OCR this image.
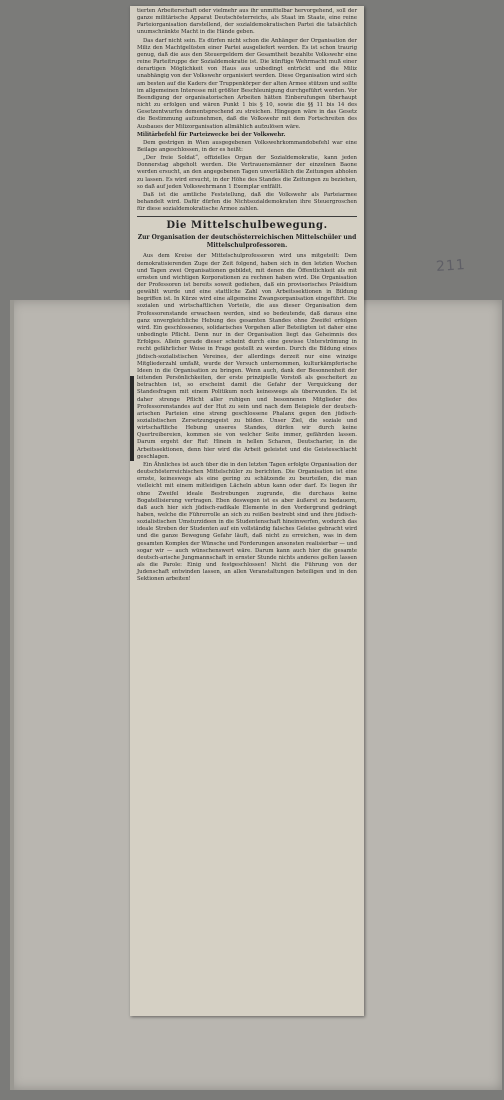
211

tierten Arbeiterschaft oder vielmehr aus ihr unmittelbar hervorgehend, soll der ganze militärische Apparat Deutschösterreichs, als Staat im Staate, eine reine Parteiorganisation darstellend, der sozialdemokratischen Partei die tatsächlich unumschränkte Macht in die Hände geben.

Das darf nicht sein. Es dürfen nicht schon die Anhänger der Organisation der Miliz den Machtgelüsten einer Partei ausgeliefert werden. Es ist schon traurig genug, daß die aus den Steuergeldern der Gesamtheit bezahlte Volkswehr eine reine Parteitruppe der Sozialdemokratie ist. Die künftige Wehrmacht muß einer derartigen Möglichkeit von Haus aus unbedingt entrückt und die Miliz unabhängig von der Volkswehr organisiert werden. Diese Organisation wird sich am besten auf die Kaders der Truppenkörper der alten Armee stützen und sollte im allgemeinen Interesse mit größter Beschleunigung durchgeführt werden. Vor Beendigung der organisatorischen Arbeiten hätten Einberufungen überhaupt nicht zu erfolgen und wären Punkt 1 bis § 10, sowie die §§ 11 bis 14 des Gesetzentwurfes dementsprechend zu streichen. Hingegen wäre in das Gesetz die Bestimmung aufzunehmen, daß die Volkswehr mit dem Fortschreiten des Ausbaues der Milizorganisation allmählich aufzulösen wäre.

Militärbefehl für Parteizwecke bei der Volkswehr.

Dem gestrigen in Wien ausgegebenen Volkswehrkommandobefehl war eine Beilage angeschlossen, in der es heißt:

„Der freie Soldat“, offizielles Organ der Sozialdemokratie, kann jeden Donnerstag abgeholt werden. Die Vertrauensmänner der einzelnen Baone werden ersucht, an den angegebenen Tagen unverläßlich die Zeitungen abholen zu lassen. Es wird ersucht, in der Höhe des Standes die Zeitungen zu beziehen, so daß auf jeden Volkswehrmann 1 Exemplar entfällt.

Daß ist die amtliche Feststellung, daß die Volkswehr als Parteiarmee behandelt wird. Dafür dürfen die Nichtsozialdemokraten ihre Steuergroschen für diese sozialdemokratische Armee zahlen.

Die Mittelschulbewegung.
Zur Organisation der deutschösterreichischen Mittelschüler und Mittelschulprofessoren.

Aus dem Kreise der Mittelschulprofessoren wird uns mitgeteilt: Dem demokratisierenden Zuge der Zeit folgend, haben sich in den letzten Wochen und Tagen zwei Organisationen gebildet, mit denen die Öffentlichkeit als mit ernsten und wichtigen Korporationen zu rechnen haben wird. Die Organisation der Professoren ist bereits soweit gediehen, daß ein provisorisches Präsidium gewählt wurde und eine stattliche Zahl von Arbeitssektionen in Bildung begriffen ist. In Kürze wird eine allgemeine Zwangsorganisation eingeführt. Die sozialen und wirtschaftlichen Vorteile, die aus dieser Organisation dem Professorenstande erwachsen werden, sind so bedeutende, daß daraus eine ganz unvergleichliche Hebung des gesamten Standes ohne Zweifel erfolgen wird. Ein geschlossenes, solidarisches Vorgehen aller Beteiligten ist daher eine unbedingte Pflicht. Denn nur in der Organisation liegt das Geheimnis des Erfolges. Allein gerade dieser scheint durch eine gewisse Unterströmung in recht gefährlicher Weise in Frage gestellt zu werden. Durch die Bildung eines jüdisch-sozialistischen Vereines, der allerdings derzeit nur eine winzige Mitgliederzahl umfaßt, wurde der Versuch unternommen, kulturkämpferische Ideen in die Organisation zu bringen. Wenn auch, dank der Besonnenheit der leitenden Persönlichkeiten, der erste prinzipielle Vorstoß als gescheitert zu betrachten ist, so erscheint damit die Gefahr der Verquickung der Standesfragen mit einem Politikum noch keineswegs als überwunden. Es ist daher strenge Pflicht aller ruhigen und besonnenen Mitglieder des Professorenstandes auf der Hut zu sein und nach dem Beispiele der deutsch-arischen Parteien eine streng geschlossene Phalanx gegen den jüdisch-sozialistischen Zersetzungsgeist zu bilden. Unser Ziel, die soziale und wirtschaftliche Hebung unseres Standes, dürfen wir durch keine Quertreibereien, kommen sie von welcher Seite immer, gefährden lassen. Darum ergeht der Ruf: Hinein in hellen Scharen, Deutscharier, in die Arbeitssektionen, denn hier wird die Arbeit geleistet und die Geistesschlacht geschlagen.

Ein Ähnliches ist auch über die in den letzten Tagen erfolgte Organisation der deutschösterreichischen Mittelschüler zu berichten. Die Organisation ist eine ernste, keineswegs als eine gering zu schätzende zu beurteilen, die man vielleicht mit einem mitleidigen Lächeln abtun kann oder darf. Es liegen ihr ohne Zweifel ideale Bestrebungen zugrunde, die durchaus keine Bogatellisierung vertragen. Eben deswegen ist es aber äußerst zu bedauern, daß auch hier sich jüdisch-radikale Elemente in den Vordergrund gedrängt haben, welche die Führerrolle an sich zu reißen bestrebt sind und ihre jüdisch-sozialistischen Umsturzideen in die Studentenschaft hineinwerfen, wodurch das ideale Streben der Studenten auf ein vollständig falsches Geleise gebracht wird und die ganze Bewegung Gefahr läuft, daß nicht zu erreichen, was in dem gesamten Komplex der Wünsche und Forderungen ansonsten realisierbar — und sogar wir — auch wünschenswert wäre. Darum kann auch hier die gesamte deutsch-arische Jungmannschaft in ernster Stunde nichts anderes gelten lassen als die Parole: Einig und festgeschlossen! Nicht die Führung von der Judenschaft entwinden lassen, an allen Veranstaltungen beteiligen und in den Sektionen arbeiten!
